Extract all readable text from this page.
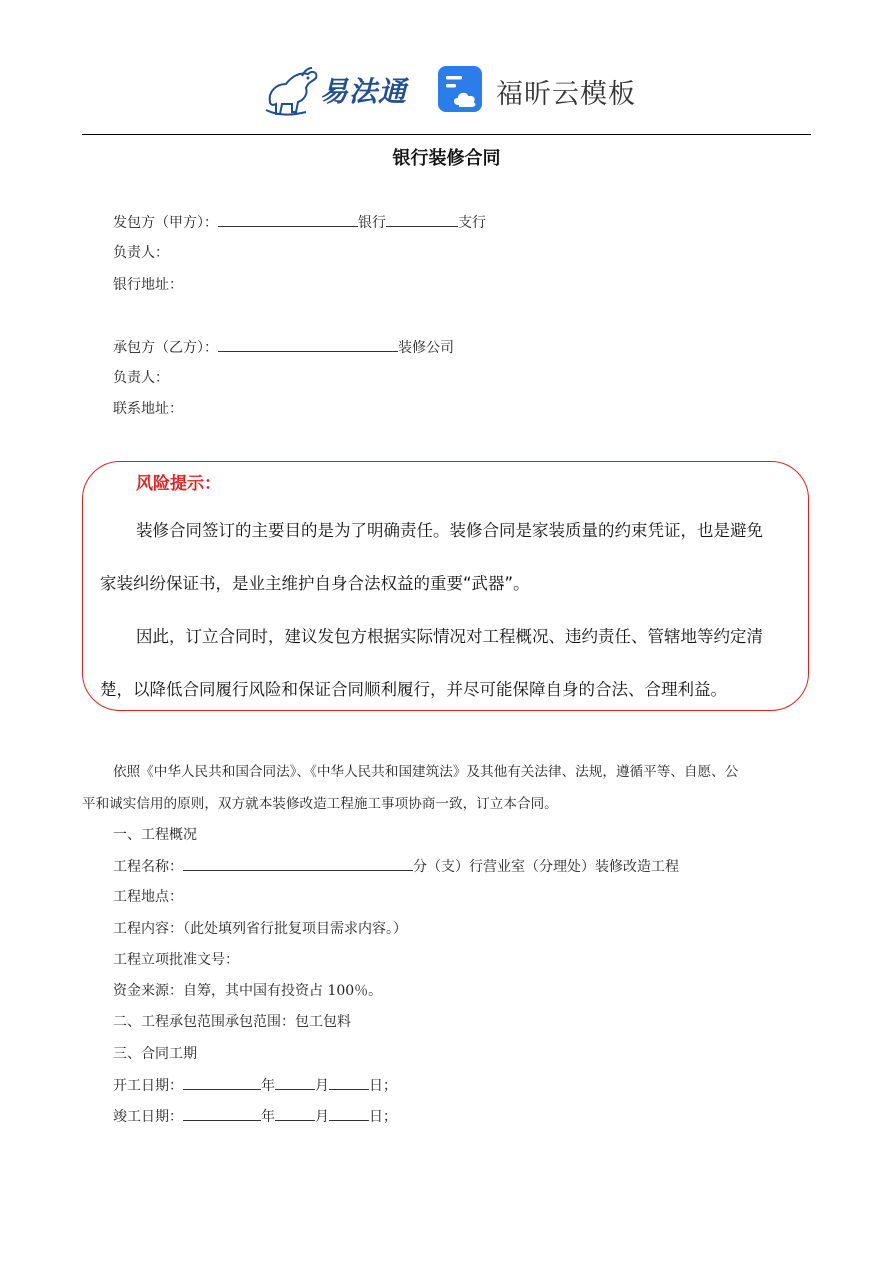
易法通	福昕云模板
银行装修合同
发包方（甲方）：	银行	支行
负责人：
银行地址：
承包方（乙方）：	装修公司
负责人：
联系地址：
风险提示：
装修合同签订的主要目的是为了明确责任。装修合同是家装质量的约束凭证，也是避免
家装纠纷保证书，是业主维护自身合法权益的重要“武器”。
因此，订立合同时，建议发包方根据实际情况对工程概况、违约责任、管辖地等约定清
楚，以降低合同履行风险和保证合同顺利履行，并尽可能保障自身的合法、合理利益。
依照《中华人民共和国合同法》、《中华人民共和国建筑法》及其他有关法律、法规，遵循平等、自愿、公
平和诚实信用的原则，双方就本装修改造工程施工事项协商一致，订立本合同。
一、工程概况
工程名称：	分（支）行营业室（分理处）装修改造工程
工程地点：
工程内容：（此处填列省行批复项目需求内容。）
工程立项批准文号：
资金来源：自筹，其中国有投资占 100％。
二、工程承包范围承包范围：包工包料
三、合同工期
开工日期：	年	月	日；
竣工日期：	年	月	日；
